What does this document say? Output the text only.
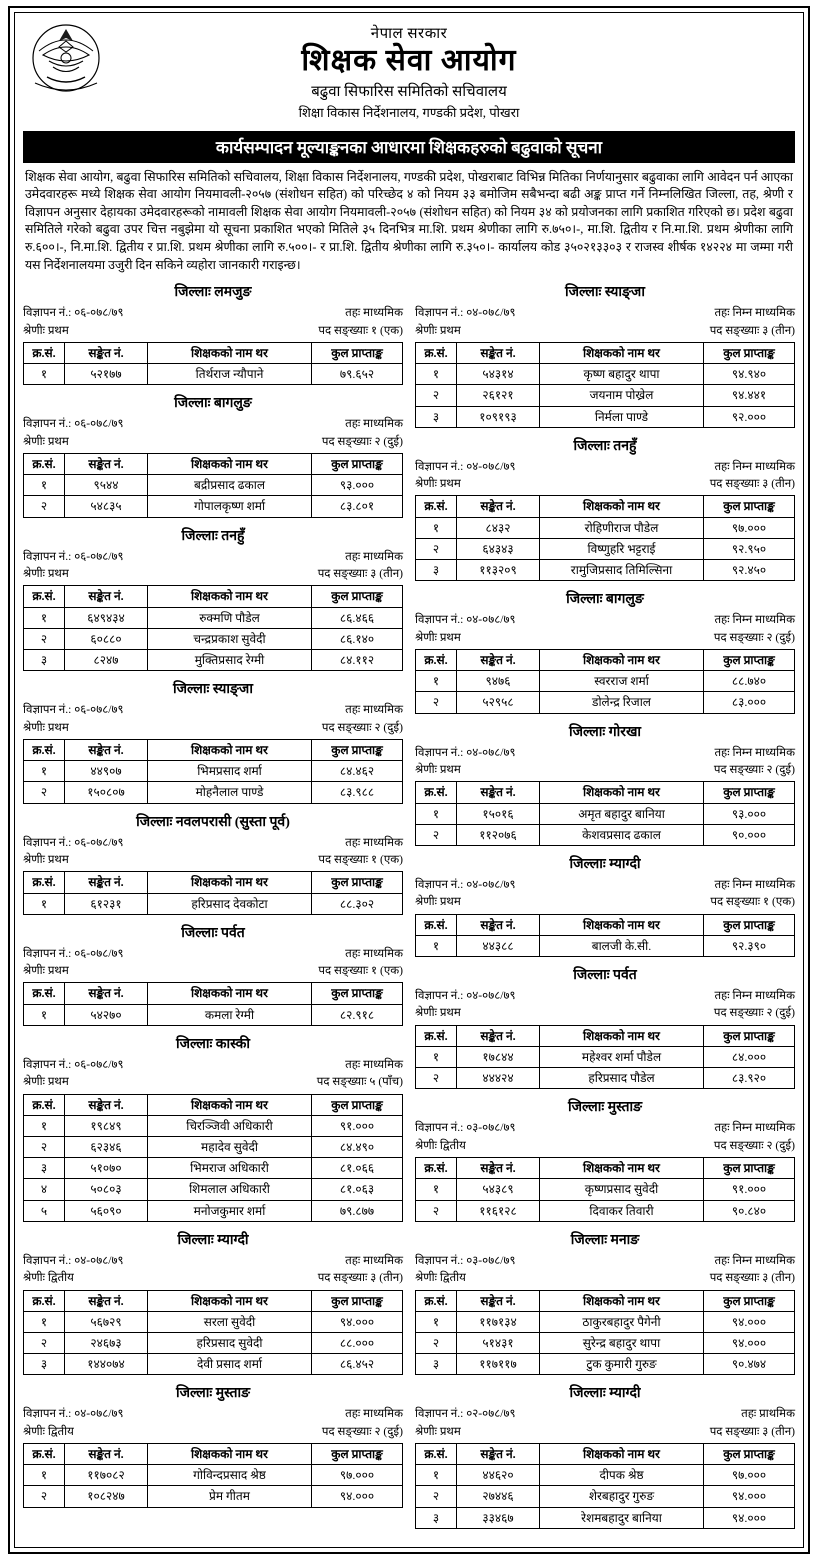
नेपाल सरकार
शिक्षक सेवा आयोग
बढुवा सिफारिस समितिको सचिवालय
शिक्षा विकास निर्देशनालय, गण्डकी प्रदेश, पोखरा
कार्यसम्पादन मूल्याङ्कनका आधारमा शिक्षकहरुको बढुवाको सूचना
शिक्षक सेवा आयोग, बढुवा सिफारिस समितिको सचिवालय, शिक्षा विकास निर्देशनालय, गण्डकी प्रदेश, पोखराबाट विभिन्न मितिका निर्णयानुसार बढुवाका लागि आवेदन पर्न आएका उमेदवारहरू मध्ये शिक्षक सेवा आयोग नियमावली-२०५७ (संशोधन सहित) को परिच्छेद ४ को नियम ३३ बमोजिम सबैभन्दा बढी अङ्क प्राप्त गर्ने निम्नलिखित जिल्ला, तह, श्रेणी र विज्ञापन अनुसार देहायका उमेदवारहरूको नामावली शिक्षक सेवा आयोग नियमावली-२०५७ (संशोधन सहित) को नियम ३४ को प्रयोजनका लागि प्रकाशित गरिएको छ। प्रदेश बढुवा समितिले गरेको बढुवा उपर चित्त नबुझेमा यो सूचना प्रकाशित भएको मितिले ३५ दिनभित्र मा.शि. प्रथम श्रेणीका लागि रु.७५०।-, मा.शि. द्वितीय र नि.मा.शि. प्रथम श्रेणीका लागि रु.६००।-, नि.मा.शि. द्वितीय र प्रा.शि. प्रथम श्रेणीका लागि रु.५००।- र प्रा.शि. द्वितीय श्रेणीका लागि रु.३५०।- कार्यालय कोड ३५०२१३३०३ र राजस्व शीर्षक १४२२४ मा जम्मा गरी यस निर्देशनालयमा उजुरी दिन सकिने व्यहोरा जानकारी गराइन्छ।
जिल्लाः लमजुङ
विज्ञापन नं.: ०६-०७८/७९	तहः माध्यमिक
श्रेणीः प्रथम	पद सङ्ख्याः १ (एक)
क्र.सं.	सङ्केत नं.	शिक्षकको नाम थर	कुल प्राप्ताङ्क
१	५२१७७	तिर्थराज न्यौपाने	७९.६५२
जिल्लाः बागलुङ
विज्ञापन नं.: ०६-०७८/७९	तहः माध्यमिक
श्रेणीः प्रथम	पद सङ्ख्याः २ (दुई)
क्र.सं.	सङ्केत नं.	शिक्षकको नाम थर	कुल प्राप्ताङ्क
१	९५४४	बद्रीप्रसाद ढकाल	९३.०००
२	५४८३५	गोपालकृष्ण शर्मा	८३.८०१
जिल्लाः तनहुँ
विज्ञापन नं.: ०६-०७८/७९	तहः माध्यमिक
श्रेणीः प्रथम	पद सङ्ख्याः ३ (तीन)
क्र.सं.	सङ्केत नं.	शिक्षकको नाम थर	कुल प्राप्ताङ्क
१	६४९४३४	रुक्मणि पौडेल	८६.४६६
२	६०८८०	चन्द्रप्रकाश सुवेदी	८६.१४०
३	८२४७	मुक्तिप्रसाद रेग्मी	८४.११२
जिल्लाः स्याङ्जा
विज्ञापन नं.: ०६-०७८/७९	तहः माध्यमिक
श्रेणीः प्रथम	पद सङ्ख्याः २ (दुई)
क्र.सं.	सङ्केत नं.	शिक्षकको नाम थर	कुल प्राप्ताङ्क
१	४४९०७	भिमप्रसाद शर्मा	८४.४६२
२	१५०८०७	मोहनैलाल पाण्डे	८३.९८८
जिल्लाः नवलपरासी (सुस्ता पूर्व)
विज्ञापन नं.: ०६-०७८/७९	तहः माध्यमिक
श्रेणीः प्रथम	पद सङ्ख्याः १ (एक)
क्र.सं.	सङ्केत नं.	शिक्षकको नाम थर	कुल प्राप्ताङ्क
१	६१२३१	हरिप्रसाद देवकोटा	८८.३०२
जिल्लाः पर्वत
विज्ञापन नं.: ०६-०७८/७९	तहः माध्यमिक
श्रेणीः प्रथम	पद सङ्ख्याः १ (एक)
क्र.सं.	सङ्केत नं.	शिक्षकको नाम थर	कुल प्राप्ताङ्क
१	५४२७०	कमला रेग्मी	८२.९१८
जिल्लाः कास्की
विज्ञापन नं.: ०६-०७८/७९	तहः माध्यमिक
श्रेणीः प्रथम	पद सङ्ख्याः ५ (पाँच)
क्र.सं.	सङ्केत नं.	शिक्षकको नाम थर	कुल प्राप्ताङ्क
१	१९८४९	चिरञ्जिवी अधिकारी	९१.०००
२	६२३४६	महादेव सुवेदी	८४.४९०
३	५१०७०	भिमराज अधिकारी	८१.०६६
४	५०८०३	शिमलाल अधिकारी	८१.०६३
५	५६०९०	मनोजकुमार शर्मा	७९.८७७
जिल्लाः म्याग्दी
विज्ञापन नं.: ०४-०७८/७९	तहः माध्यमिक
श्रेणीः द्वितीय	पद सङ्ख्याः ३ (तीन)
क्र.सं.	सङ्केत नं.	शिक्षकको नाम थर	कुल प्राप्ताङ्क
१	५६७२९	सरला सुवेदी	९४.०००
२	२४६७३	हरिप्रसाद सुवेदी	८८.०००
३	१४४०७४	देवी प्रसाद शर्मा	८६.४५२
जिल्लाः मुस्ताङ
विज्ञापन नं.: ०४-०७८/७९	तहः माध्यमिक
श्रेणीः द्वितीय	पद सङ्ख्याः २ (दुई)
क्र.सं.	सङ्केत नं.	शिक्षकको नाम थर	कुल प्राप्ताङ्क
१	११७०८२	गोविन्दप्रसाद श्रेष्ठ	९७.०००
२	१०८२४७	प्रेम गीतम	९४.०००
जिल्लाः स्याङ्जा
विज्ञापन नं.: ०४-०७८/७९	तहः निम्न माध्यमिक
श्रेणीः प्रथम	पद सङ्ख्याः ३ (तीन)
क्र.सं.	सङ्केत नं.	शिक्षकको नाम थर	कुल प्राप्ताङ्क
१	५४३१४	कृष्ण बहादुर थापा	९४.९४०
२	२६१२१	जयनाम पोख्रेल	९४.४४१
३	१०९१९३	निर्मला पाण्डे	९२.०००
जिल्लाः तनहुँ
विज्ञापन नं.: ०४-०७८/७९	तहः निम्न माध्यमिक
श्रेणीः प्रथम	पद सङ्ख्याः ३ (तीन)
क्र.सं.	सङ्केत नं.	शिक्षकको नाम थर	कुल प्राप्ताङ्क
१	८४३२	रोहिणीराज पौडेल	९७.०००
२	६४३४३	विष्णुहरि भट्टराई	९२.९५०
३	११३२०९	रामुजिप्रसाद तिमिल्सिना	९२.४५०
जिल्लाः बागलुङ
विज्ञापन नं.: ०४-०७८/७९	तहः निम्न माध्यमिक
श्रेणीः प्रथम	पद सङ्ख्याः २ (दुई)
क्र.सं.	सङ्केत नं.	शिक्षकको नाम थर	कुल प्राप्ताङ्क
१	९४७६	स्वरराज शर्मा	८८.७४०
२	५२९५८	डोलेन्द्र रिजाल	८३.०००
जिल्लाः गोरखा
विज्ञापन नं.: ०४-०७८/७९	तहः निम्न माध्यमिक
श्रेणीः प्रथम	पद सङ्ख्याः २ (दुई)
क्र.सं.	सङ्केत नं.	शिक्षकको नाम थर	कुल प्राप्ताङ्क
१	१५०१६	अमृत बहादुर बानिया	९३.०००
२	११२०७६	केशवप्रसाद ढकाल	९०.०००
जिल्लाः म्याग्दी
विज्ञापन नं.: ०४-०७८/७९	तहः निम्न माध्यमिक
श्रेणीः प्रथम	पद सङ्ख्याः १ (एक)
क्र.सं.	सङ्केत नं.	शिक्षकको नाम थर	कुल प्राप्ताङ्क
१	४४३८८	बालजी के.सी.	९२.३९०
जिल्लाः पर्वत
विज्ञापन नं.: ०४-०७८/७९	तहः निम्न माध्यमिक
श्रेणीः प्रथम	पद सङ्ख्याः २ (दुई)
क्र.सं.	सङ्केत नं.	शिक्षकको नाम थर	कुल प्राप्ताङ्क
१	१७८४४	महेश्वर शर्मा पौडेल	८४.०००
२	४४४२४	हरिप्रसाद पौडेल	८३.९२०
जिल्लाः मुस्ताङ
विज्ञापन नं.: ०३-०७८/७९	तहः निम्न माध्यमिक
श्रेणीः द्वितीय	पद सङ्ख्याः २ (दुई)
क्र.सं.	सङ्केत नं.	शिक्षकको नाम थर	कुल प्राप्ताङ्क
१	५४३८९	कृष्णप्रसाद सुवेदी	९१.०००
२	११६१२८	दिवाकर तिवारी	९०.८४०
जिल्लाः मनाङ
विज्ञापन नं.: ०३-०७८/७९	तहः निम्न माध्यमिक
श्रेणीः द्वितीय	पद सङ्ख्याः ३ (तीन)
क्र.सं.	सङ्केत नं.	शिक्षकको नाम थर	कुल प्राप्ताङ्क
१	११७१३४	ठाकुरबहादुर पैगेनी	९४.०००
२	५१४३१	सुरेन्द्र बहादुर थापा	९४.०००
३	११७११७	टुक कुमारी गुरुङ	९०.४७४
जिल्लाः म्याग्दी
विज्ञापन नं.: ०२-०७८/७९	तहः प्राथमिक
श्रेणीः प्रथम	पद सङ्ख्याः ३ (तीन)
क्र.सं.	सङ्केत नं.	शिक्षकको नाम थर	कुल प्राप्ताङ्क
१	४४६२०	दीपक श्रेष्ठ	९७.०००
२	२७४४६	शेरबहादुर गुरुङ	९४.०००
३	३३४६७	रेशमबहादुर बानिया	९४.०००
